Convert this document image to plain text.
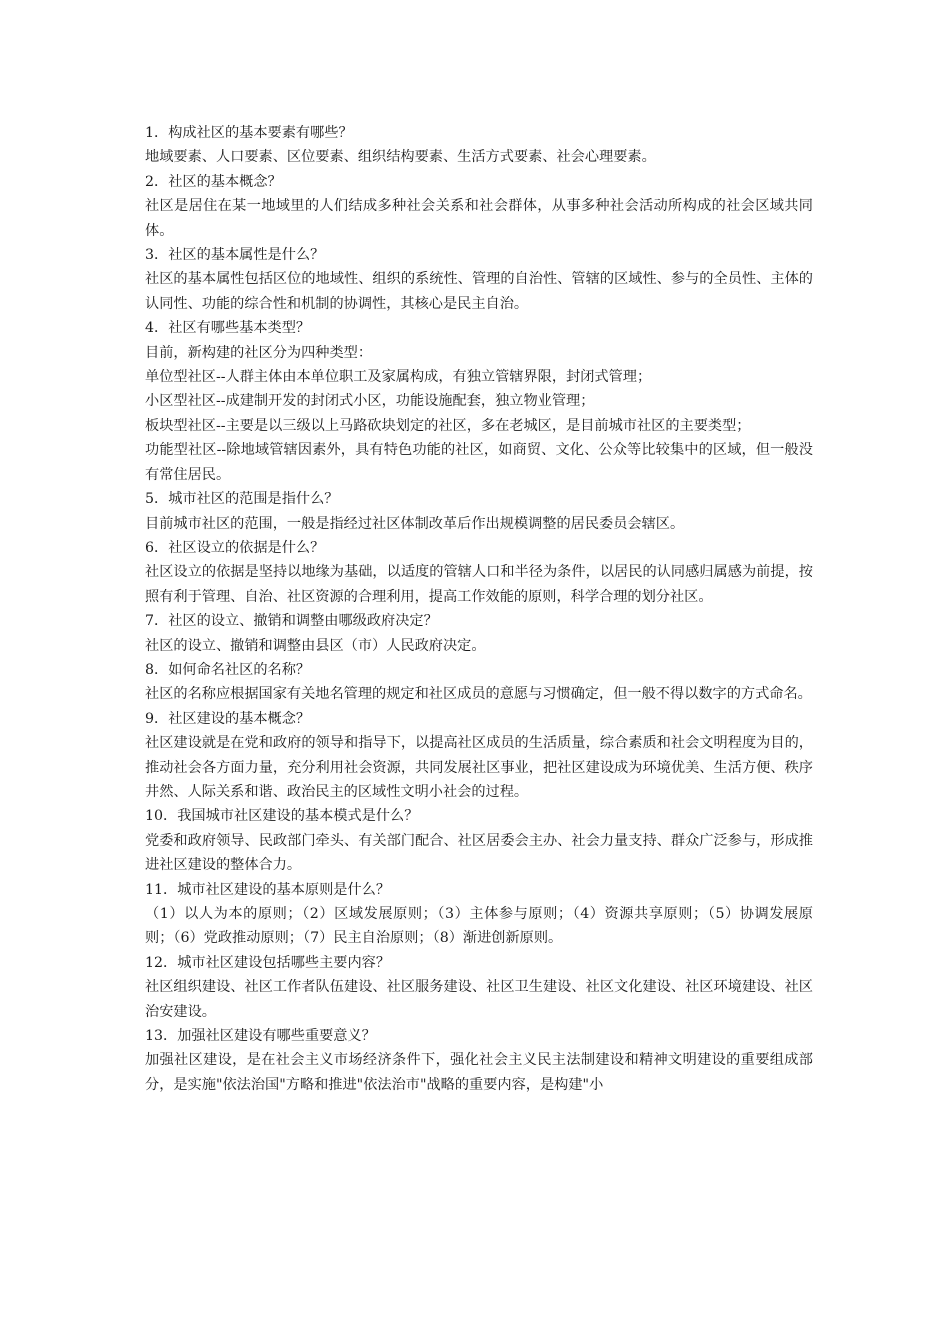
1．构成社区的基本要素有哪些？

地域要素、人口要素、区位要素、组织结构要素、生活方式要素、社会心理要素。

2．社区的基本概念？

社区是居住在某一地域里的人们结成多种社会关系和社会群体，从事多种社会活动所构成的社会区域共同体。

3．社区的基本属性是什么？

社区的基本属性包括区位的地域性、组织的系统性、管理的自治性、管辖的区域性、参与的全员性、主体的认同性、功能的综合性和机制的协调性，其核心是民主自治。

4．社区有哪些基本类型？

目前，新构建的社区分为四种类型：

单位型社区--人群主体由本单位职工及家属构成，有独立管辖界限，封闭式管理；

小区型社区--成建制开发的封闭式小区，功能设施配套，独立物业管理；

板块型社区--主要是以三级以上马路砍块划定的社区，多在老城区，是目前城市社区的主要类型；

功能型社区--除地域管辖因素外，具有特色功能的社区，如商贸、文化、公众等比较集中的区域，但一般没有常住居民。

5．城市社区的范围是指什么？

目前城市社区的范围，一般是指经过社区体制改革后作出规模调整的居民委员会辖区。

6．社区设立的依据是什么？

社区设立的依据是坚持以地缘为基础，以适度的管辖人口和半径为条件，以居民的认同感归属感为前提，按照有利于管理、自治、社区资源的合理利用，提高工作效能的原则，科学合理的划分社区。

7．社区的设立、撤销和调整由哪级政府决定？

社区的设立、撤销和调整由县区（市）人民政府决定。

8．如何命名社区的名称？

社区的名称应根据国家有关地名管理的规定和社区成员的意愿与习惯确定，但一般不得以数字的方式命名。

9．社区建设的基本概念？

社区建设就是在党和政府的领导和指导下，以提高社区成员的生活质量，综合素质和社会文明程度为目的，推动社会各方面力量，充分利用社会资源，共同发展社区事业，把社区建设成为环境优美、生活方便、秩序井然、人际关系和谐、政治民主的区域性文明小社会的过程。

10．我国城市社区建设的基本模式是什么？

党委和政府领导、民政部门牵头、有关部门配合、社区居委会主办、社会力量支持、群众广泛参与，形成推进社区建设的整体合力。

11．城市社区建设的基本原则是什么？

（1）以人为本的原则；（2）区域发展原则；（3）主体参与原则；（4）资源共享原则；（5）协调发展原则；（6）党政推动原则；（7）民主自治原则；（8）渐进创新原则。

12．城市社区建设包括哪些主要内容？

社区组织建设、社区工作者队伍建设、社区服务建设、社区卫生建设、社区文化建设、社区环境建设、社区治安建设。

13．加强社区建设有哪些重要意义？

加强社区建设，是在社会主义市场经济条件下，强化社会主义民主法制建设和精神文明建设的重要组成部分，是实施"依法治国"方略和推进"依法治市"战略的重要内容，是构建"小
